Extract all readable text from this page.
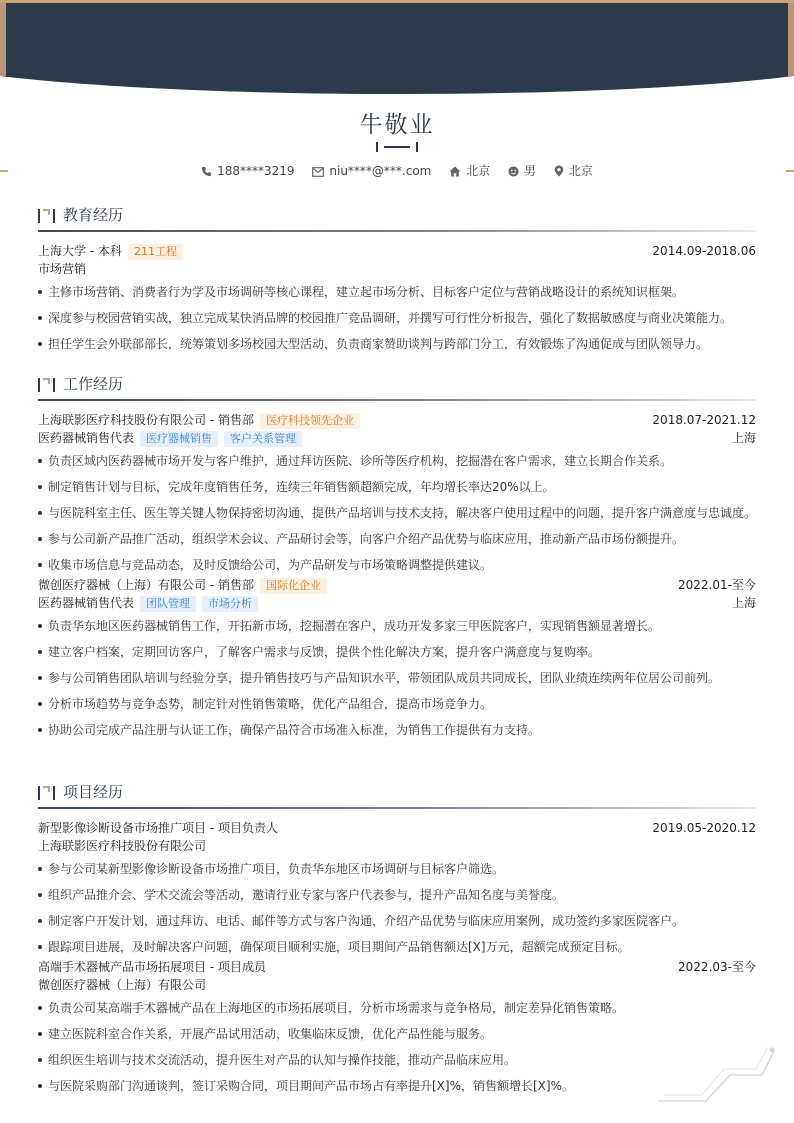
牛敬业
188****3219	niu****@***.com	北京	男	北京
教育经历
上海大学 - 本科 211工程	2014.09-2018.06
市场营销
主修市场营销、消费者行为学及市场调研等核心课程，建立起市场分析、目标客户定位与营销战略设计的系统知识框架。
深度参与校园营销实战，独立完成某快消品牌的校园推广竞品调研，并撰写可行性分析报告，强化了数据敏感度与商业决策能力。
担任学生会外联部部长，统筹策划多场校园大型活动，负责商家赞助谈判与跨部门分工，有效锻炼了沟通促成与团队领导力。
工作经历
上海联影医疗科技股份有限公司 - 销售部 医疗科技领先企业	2018.07-2021.12
医药器械销售代表 医疗器械销售 客户关系管理	上海
负责区域内医药器械市场开发与客户维护，通过拜访医院、诊所等医疗机构，挖掘潜在客户需求，建立长期合作关系。
制定销售计划与目标，完成年度销售任务，连续三年销售额超额完成，年均增长率达20%以上。
与医院科室主任、医生等关键人物保持密切沟通，提供产品培训与技术支持，解决客户使用过程中的问题，提升客户满意度与忠诚度。
参与公司新产品推广活动，组织学术会议、产品研讨会等，向客户介绍产品优势与临床应用，推动新产品市场份额提升。
收集市场信息与竞品动态，及时反馈给公司，为产品研发与市场策略调整提供建议。
微创医疗器械（上海）有限公司 - 销售部 国际化企业	2022.01-至今
医药器械销售代表 团队管理 市场分析	上海
负责华东地区医药器械销售工作，开拓新市场，挖掘潜在客户，成功开发多家三甲医院客户，实现销售额显著增长。
建立客户档案，定期回访客户，了解客户需求与反馈，提供个性化解决方案，提升客户满意度与复购率。
参与公司销售团队培训与经验分享，提升销售技巧与产品知识水平，带领团队成员共同成长，团队业绩连续两年位居公司前列。
分析市场趋势与竞争态势，制定针对性销售策略，优化产品组合，提高市场竞争力。
协助公司完成产品注册与认证工作，确保产品符合市场准入标准，为销售工作提供有力支持。
项目经历
新型影像诊断设备市场推广项目 - 项目负责人	2019.05-2020.12
上海联影医疗科技股份有限公司
参与公司某新型影像诊断设备市场推广项目，负责华东地区市场调研与目标客户筛选。
组织产品推介会、学术交流会等活动，邀请行业专家与客户代表参与，提升产品知名度与美誉度。
制定客户开发计划，通过拜访、电话、邮件等方式与客户沟通，介绍产品优势与临床应用案例，成功签约多家医院客户。
跟踪项目进展，及时解决客户问题，确保项目顺利实施，项目期间产品销售额达[X]万元，超额完成预定目标。
高端手术器械产品市场拓展项目 - 项目成员	2022.03-至今
微创医疗器械（上海）有限公司
负责公司某高端手术器械产品在上海地区的市场拓展项目，分析市场需求与竞争格局，制定差异化销售策略。
建立医院科室合作关系，开展产品试用活动，收集临床反馈，优化产品性能与服务。
组织医生培训与技术交流活动，提升医生对产品的认知与操作技能，推动产品临床应用。
与医院采购部门沟通谈判，签订采购合同，项目期间产品市场占有率提升[X]%，销售额增长[X]%。
